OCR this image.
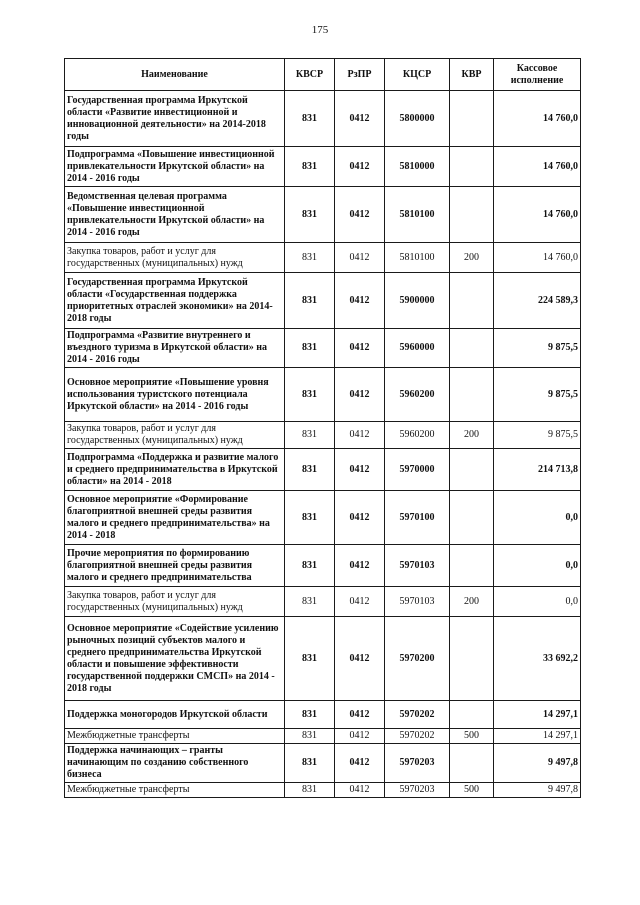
175
Наименование	КВСР	РзПР	КЦСР	КВР	Кассовое исполнение
Государственная программа Иркутской области «Развитие инвестиционной и инновационной деятельности» на 2014-2018 годы	831	0412	5800000		14 760,0
Подпрограмма «Повышение инвестиционной привлекательности Иркутской области» на 2014 - 2016 годы	831	0412	5810000		14 760,0
Ведомственная целевая программа «Повышение инвестиционной привлекательности Иркутской области» на 2014 - 2016 годы	831	0412	5810100		14 760,0
Закупка товаров, работ и услуг для государственных (муниципальных) нужд	831	0412	5810100	200	14 760,0
Государственная программа Иркутской области «Государственная поддержка приоритетных отраслей экономики» на 2014-2018 годы	831	0412	5900000		224 589,3
Подпрограмма «Развитие внутреннего и въездного туризма в Иркутской области» на 2014 - 2016 годы	831	0412	5960000		9 875,5
Основное мероприятие «Повышение уровня использования туристского потенциала Иркутской области» на 2014 - 2016 годы	831	0412	5960200		9 875,5
Закупка товаров, работ и услуг для государственных (муниципальных) нужд	831	0412	5960200	200	9 875,5
Подпрограмма «Поддержка и развитие малого и среднего предпринимательства в Иркутской области» на 2014 - 2018	831	0412	5970000		214 713,8
Основное мероприятие «Формирование благоприятной внешней среды развития малого и среднего предпринимательства» на 2014 - 2018	831	0412	5970100		0,0
Прочие мероприятия по формированию благоприятной внешней среды развития малого и среднего предпринимательства	831	0412	5970103		0,0
Закупка товаров, работ и услуг для государственных (муниципальных) нужд	831	0412	5970103	200	0,0
Основное мероприятие «Содействие усилению рыночных позиций субъектов малого и среднего предпринимательства Иркутской области и повышение эффективности государственной поддержки СМСП» на 2014 - 2018 годы	831	0412	5970200		33 692,2
Поддержка моногородов Иркутской области	831	0412	5970202		14 297,1
Межбюджетные трансферты	831	0412	5970202	500	14 297,1
Поддержка начинающих – гранты начинающим по созданию собственного бизнеса	831	0412	5970203		9 497,8
Межбюджетные трансферты	831	0412	5970203	500	9 497,8
